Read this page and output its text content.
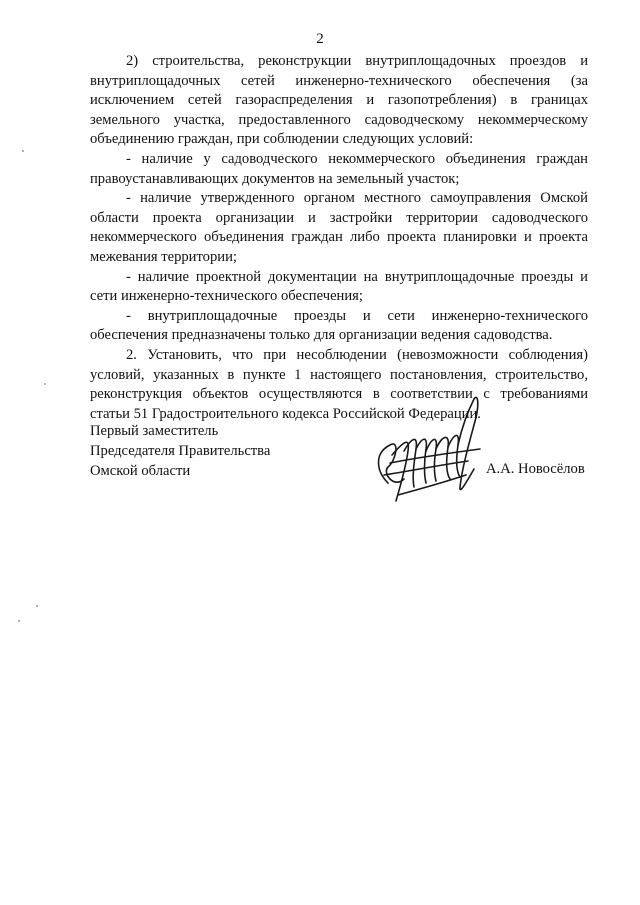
2

2) строительства, реконструкции внутриплощадочных проездов и внутриплощадочных сетей инженерно-технического обеспечения (за исключением сетей газораспределения и газопотребления) в границах земельного участка, предоставленного садоводческому некоммерческому объединению граждан, при соблюдении следующих условий:

- наличие у садоводческого некоммерческого объединения граждан правоустанавливающих документов на земельный участок;

- наличие утвержденного органом местного самоуправления Омской области проекта организации и застройки территории садоводческого некоммерческого объединения граждан либо проекта планировки и проекта межевания территории;

- наличие проектной документации на внутриплощадочные проезды и сети инженерно-технического обеспечения;

- внутриплощадочные проезды и сети инженерно-технического обеспечения предназначены только для организации ведения садоводства.

2. Установить, что при несоблюдении (невозможности соблюдения) условий, указанных в пункте 1 настоящего постановления, строительство, реконструкция объектов осуществляются в соответствии с требованиями статьи 51 Градостроительного кодекса Российской Федерации.

Первый заместитель
Председателя Правительства
Омской области	А.А. Новосёлов
